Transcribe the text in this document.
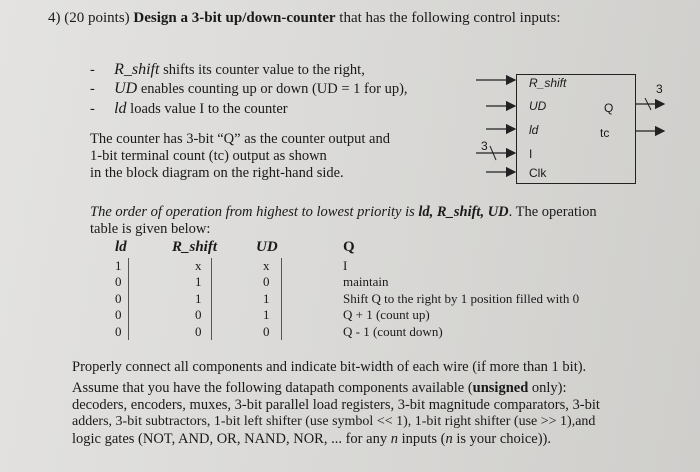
4) (20 points) Design a 3-bit up/down-counter that has the following control inputs:
- R_shift shifts its counter value to the right,
- UD enables counting up or down (UD = 1 for up),
- ld loads value I to the counter
The counter has 3-bit “Q” as the counter output and
1-bit terminal count (tc) output as shown
in the block diagram on the right-hand side.
R_shift
UD
ld
I
Clk
Q
tc
3
3
The order of operation from highest to lowest priority is ld, R_shift, UD. The operation
table is given below:
ld	R_shift	UD	Q
1	x	x	I
0	1	0	maintain
0	1	1	Shift Q to the right by 1 position filled with 0
0	0	1	Q + 1 (count up)
0	0	0	Q - 1 (count down)
Properly connect all components and indicate bit-width of each wire (if more than 1 bit).
Assume that you have the following datapath components available (unsigned only):
decoders, encoders, muxes, 3-bit parallel load registers, 3-bit magnitude comparators, 3-bit
adders, 3-bit subtractors, 1-bit left shifter (use symbol << 1), 1-bit right shifter (use >> 1),and
logic gates (NOT, AND, OR, NAND, NOR, ... for any n inputs (n is your choice)).
